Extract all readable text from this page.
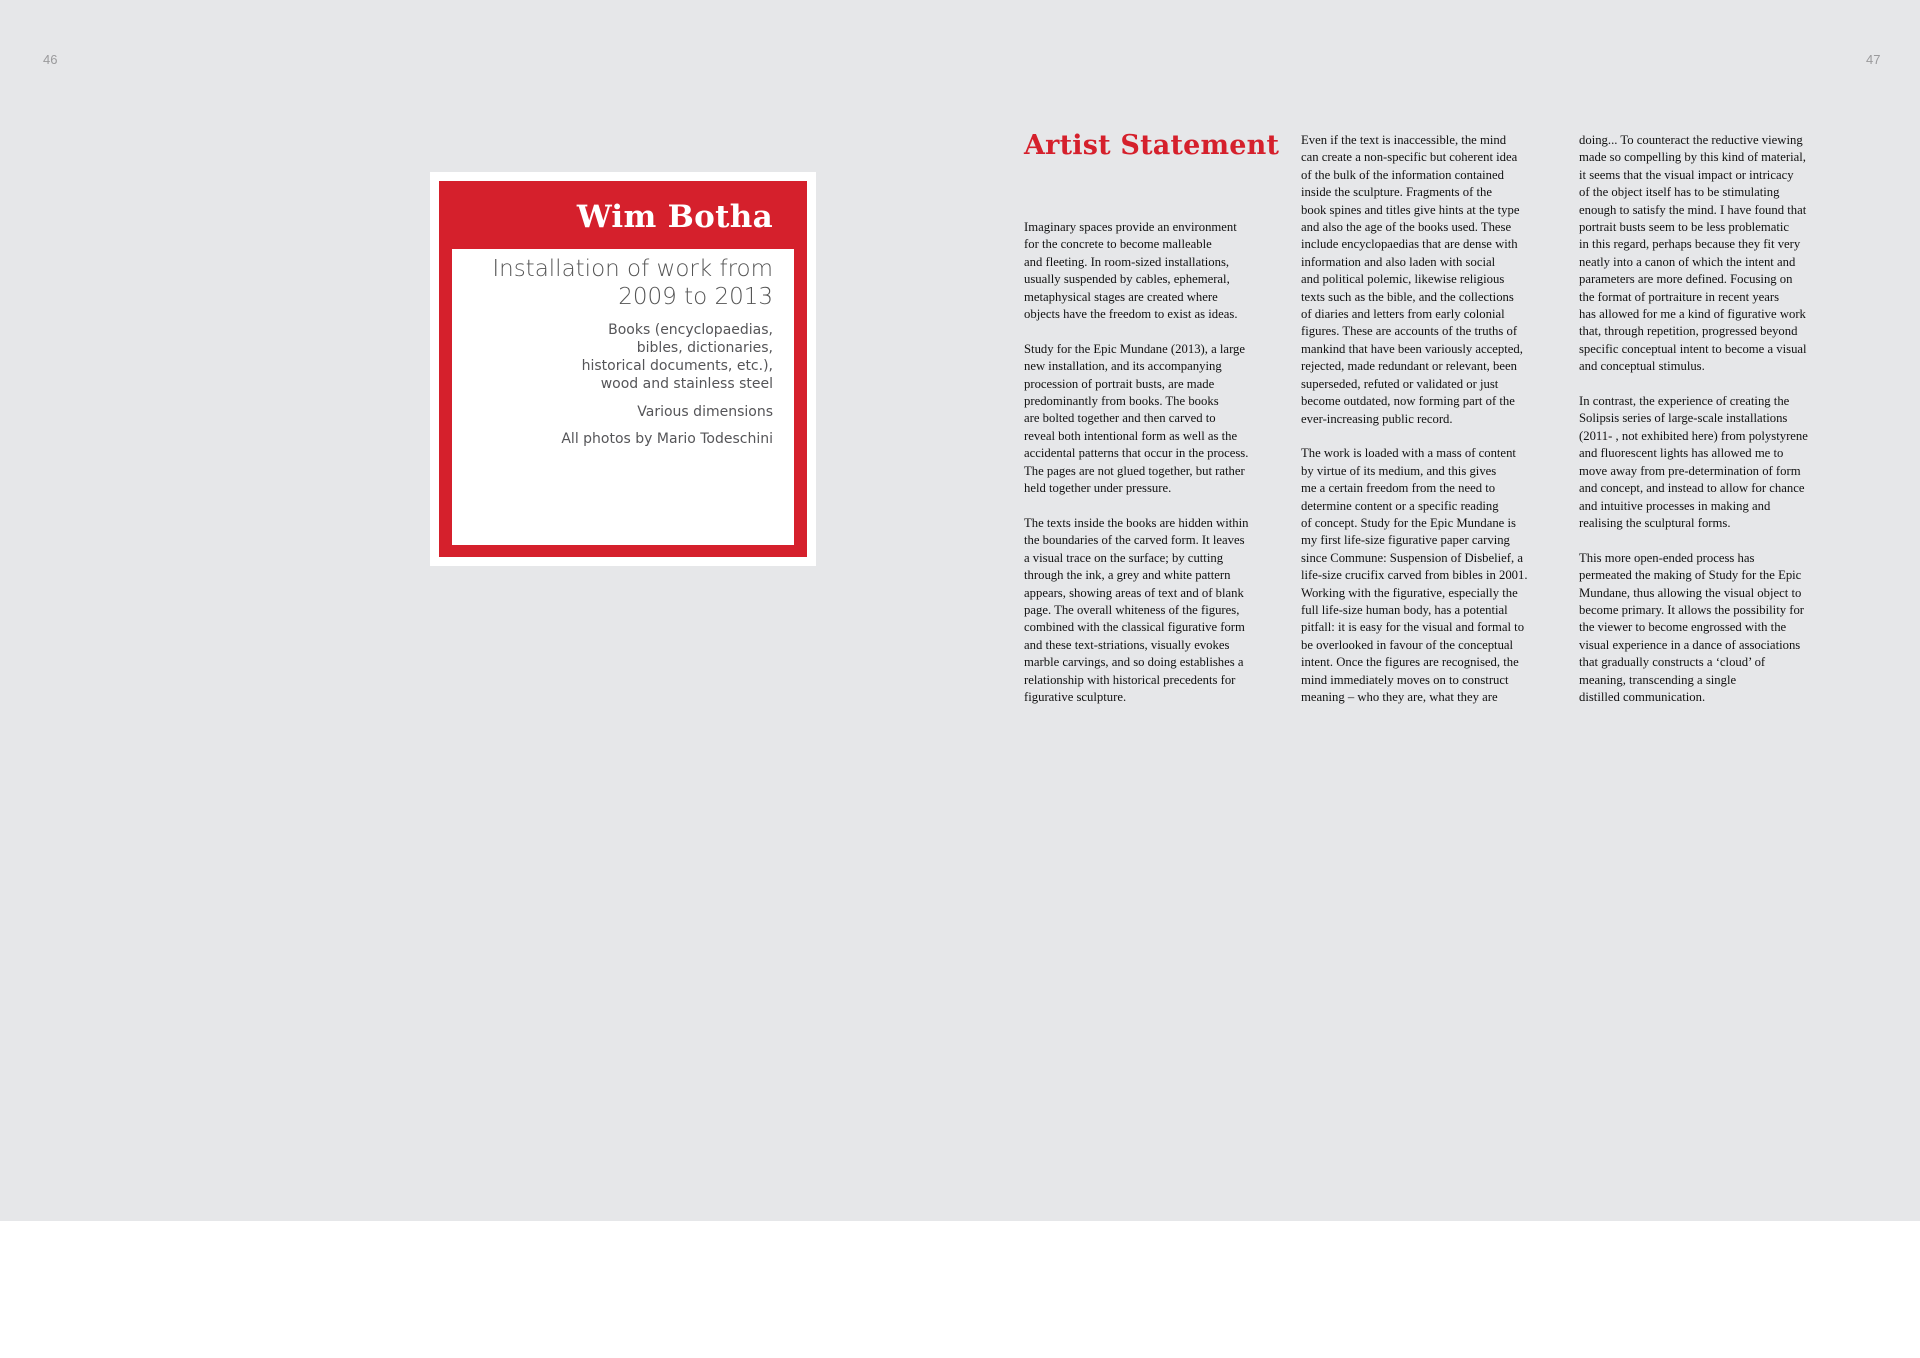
46	47
Wim Botha
Installation of work from
2009 to 2013
Books (encyclopaedias,
bibles, dictionaries,
historical documents, etc.),
wood and stainless steel
Various dimensions
All photos by Mario Todeschini
Artist Statement

Imaginary spaces provide an environment
for the concrete to become malleable
and fleeting. In room-sized installations,
usually suspended by cables, ephemeral,
metaphysical stages are created where
objects have the freedom to exist as ideas.

Study for the Epic Mundane (2013), a large
new installation, and its accompanying
procession of portrait busts, are made
predominantly from books. The books
are bolted together and then carved to
reveal both intentional form as well as the
accidental patterns that occur in the process.
The pages are not glued together, but rather
held together under pressure.

The texts inside the books are hidden within
the boundaries of the carved form. It leaves
a visual trace on the surface; by cutting
through the ink, a grey and white pattern
appears, showing areas of text and of blank
page. The overall whiteness of the figures,
combined with the classical figurative form
and these text-striations, visually evokes
marble carvings, and so doing establishes a
relationship with historical precedents for
figurative sculpture.

Even if the text is inaccessible, the mind
can create a non-specific but coherent idea
of the bulk of the information contained
inside the sculpture. Fragments of the
book spines and titles give hints at the type
and also the age of the books used. These
include encyclopaedias that are dense with
information and also laden with social
and political polemic, likewise religious
texts such as the bible, and the collections
of diaries and letters from early colonial
figures. These are accounts of the truths of
mankind that have been variously accepted,
rejected, made redundant or relevant, been
superseded, refuted or validated or just
become outdated, now forming part of the
ever-increasing public record.

The work is loaded with a mass of content
by virtue of its medium, and this gives
me a certain freedom from the need to
determine content or a specific reading
of concept. Study for the Epic Mundane is
my first life-size figurative paper carving
since Commune: Suspension of Disbelief, a
life-size crucifix carved from bibles in 2001.
Working with the figurative, especially the
full life-size human body, has a potential
pitfall: it is easy for the visual and formal to
be overlooked in favour of the conceptual
intent. Once the figures are recognised, the
mind immediately moves on to construct
meaning – who they are, what they are

doing... To counteract the reductive viewing
made so compelling by this kind of material,
it seems that the visual impact or intricacy
of the object itself has to be stimulating
enough to satisfy the mind. I have found that
portrait busts seem to be less problematic
in this regard, perhaps because they fit very
neatly into a canon of which the intent and
parameters are more defined. Focusing on
the format of portraiture in recent years
has allowed for me a kind of figurative work
that, through repetition, progressed beyond
specific conceptual intent to become a visual
and conceptual stimulus.

In contrast, the experience of creating the
Solipsis series of large-scale installations
(2011- , not exhibited here) from polystyrene
and fluorescent lights has allowed me to
move away from pre-determination of form
and concept, and instead to allow for chance
and intuitive processes in making and
realising the sculptural forms.

This more open-ended process has
permeated the making of Study for the Epic
Mundane, thus allowing the visual object to
become primary. It allows the possibility for
the viewer to become engrossed with the
visual experience in a dance of associations
that gradually constructs a ‘cloud’ of
meaning, transcending a single
distilled communication.
